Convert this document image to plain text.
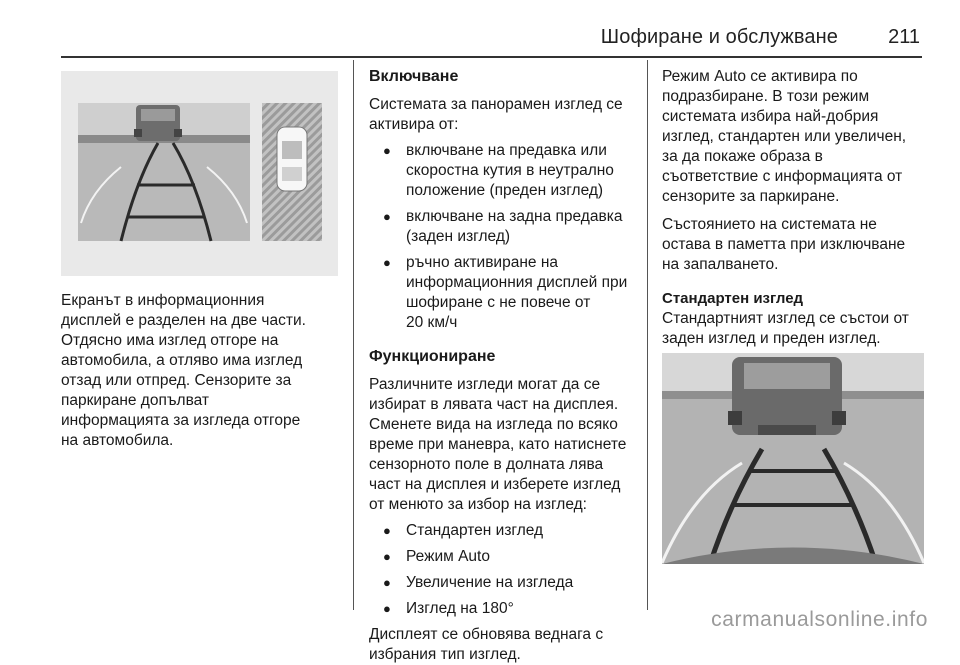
Шофиране и обслужване	211

Екранът в информационния
дисплей е разделен на две части.
Отдясно има изглед отгоре на
автомобила, а отляво има изглед
отзад или отпред. Сензорите за
паркиране допълват
информацията за изгледа отгоре
на автомобила.

Включване

Системата за панорамен изглед се
активира от:

● включване на предавка или
скоростна кутия в неутрално
положение (преден изглед)
● включване на задна предавка
(заден изглед)
● ръчно активиране на
информационния дисплей при
шофиране с не повече от
20 км/ч
Функциониране

Различните изгледи могат да се
избират в лявата част на дисплея.
Сменете вида на изгледа по всяко
време при маневра, като натиснете
сензорното поле в долната лява
част на дисплея и изберете изглед
от менюто за избор на изглед:

● Стандартен изглед
● Режим Auto
● Увеличение на изгледа
● Изглед на 180°

Дисплеят се обновява веднага с
избрания тип изглед.

Режим Auto се активира по
подразбиране. В този режим
системата избира най-добрия
изглед, стандартен или увеличен,
за да покаже образа в
съответствие с информацията от
сензорите за паркиране.

Състоянието на системата не
остава в паметта при изключване
на запалването.

Стандартен изглед

Стандартният изглед се състои от
заден изглед и преден изглед.

carmanualsonline.info
